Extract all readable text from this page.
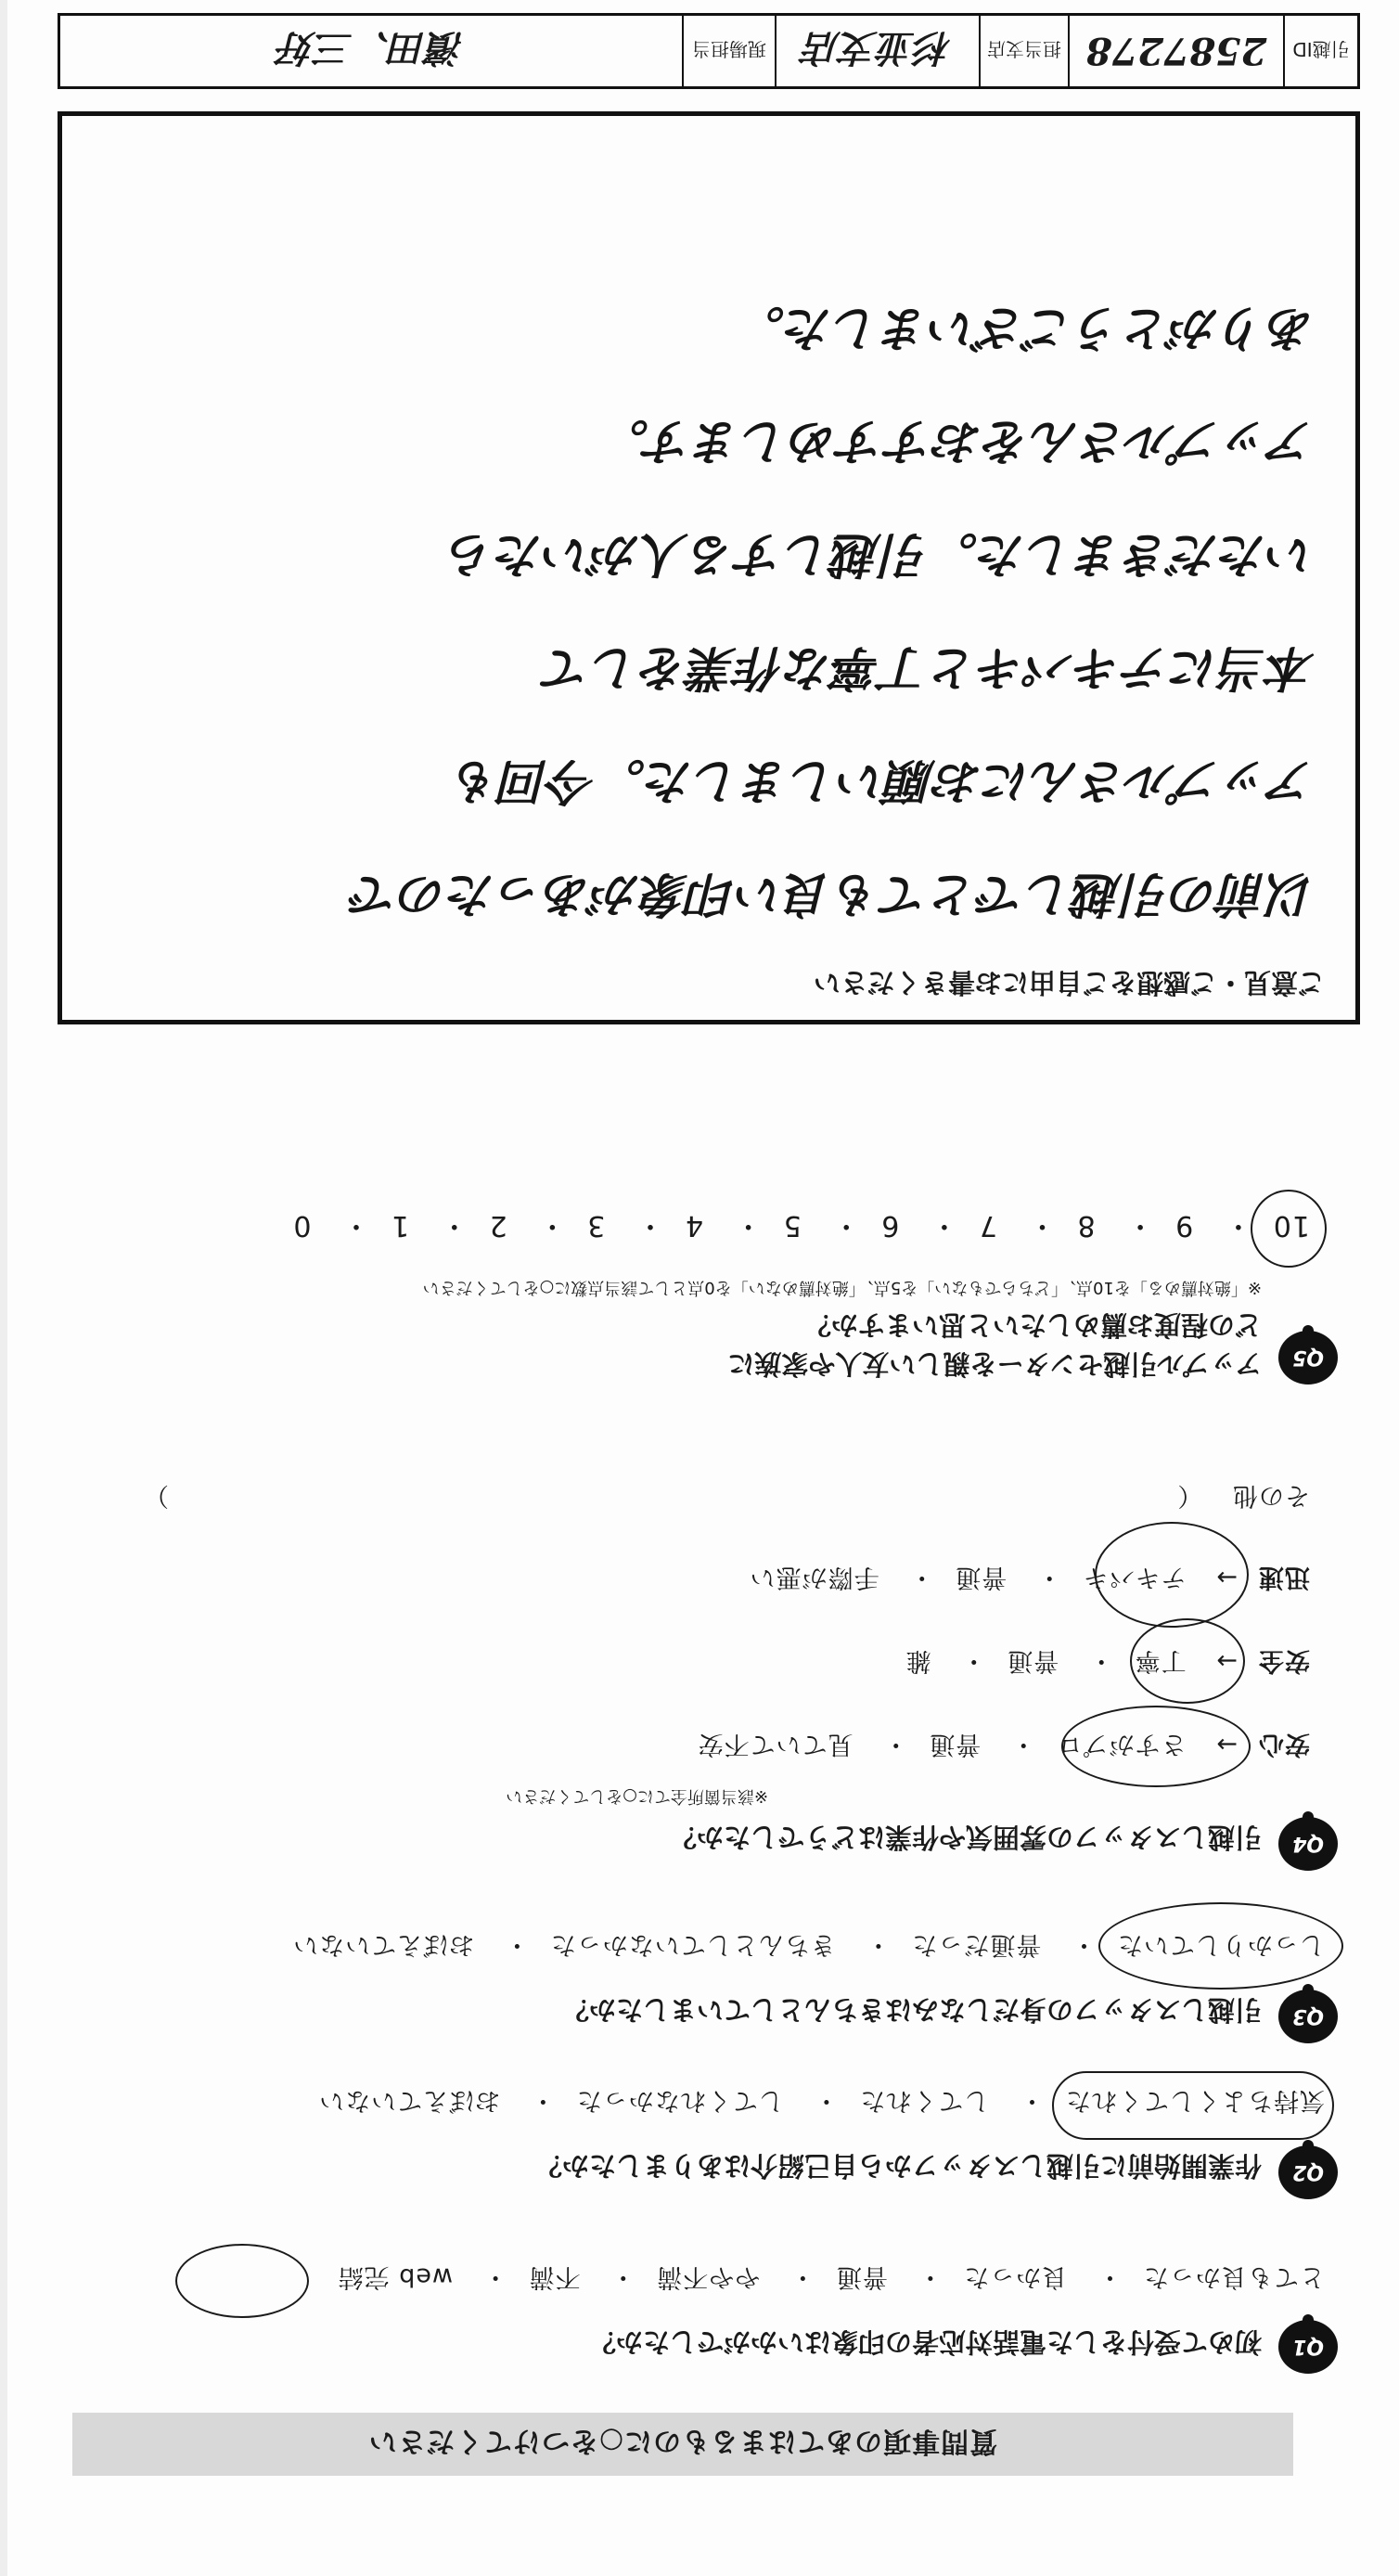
質問事項のあてはまるものに○をつけてください
Q1
初めて受付をした電話対応者の印象はいかがでしたか？
とても良かった・ 良かった・ 普通・ やや不満・ 不満・ web 完結
Q2
作業開始前に引越しスタッフから自己紹介はありましたか？
気持ちよくしてくれた・ してくれた・ してくれなかった・ おぼえていない
Q3
引越しスタッフの身だしなみはきちんとしていましたか？
しっかりしていた・ 普通だった・ きちんとしていなかった・ おぼえていない
Q4
引越しスタッフの雰囲気や作業はどうでしたか？
※該当箇所全てに○をしてください
安心→ さすがプロ・ 普通・ 見ていて不安
安全→ 丁寧・ 普通・ 雑
迅速→ テキパキ・ 普通・ 手際が悪い
その他 （
）
Q5
アップル引越センターを親しい友人や家族に
どの程度お薦めしたいと思いますか？
※「絶対薦める」を10点、「どちらでもない」を5点、「絶対薦めない」を0点として該当点数に○をしてください
10・ 9・ 8・ 7・ 6・ 5・ 4・ 3・ 2・ 1・ 0
ご意見・ご感想をご自由にお書きください
以前の引越しでとても良い印象があったので
アップルさんにお願いしました。今回も
本当にテキパキと丁寧な作業をして
いただきました。引越しする人がいたら
アップルさんをおすすめします。
ありがとうございました。
引越ID
2587278
担当支店
杉並支店
現場担当
濱田、三好
